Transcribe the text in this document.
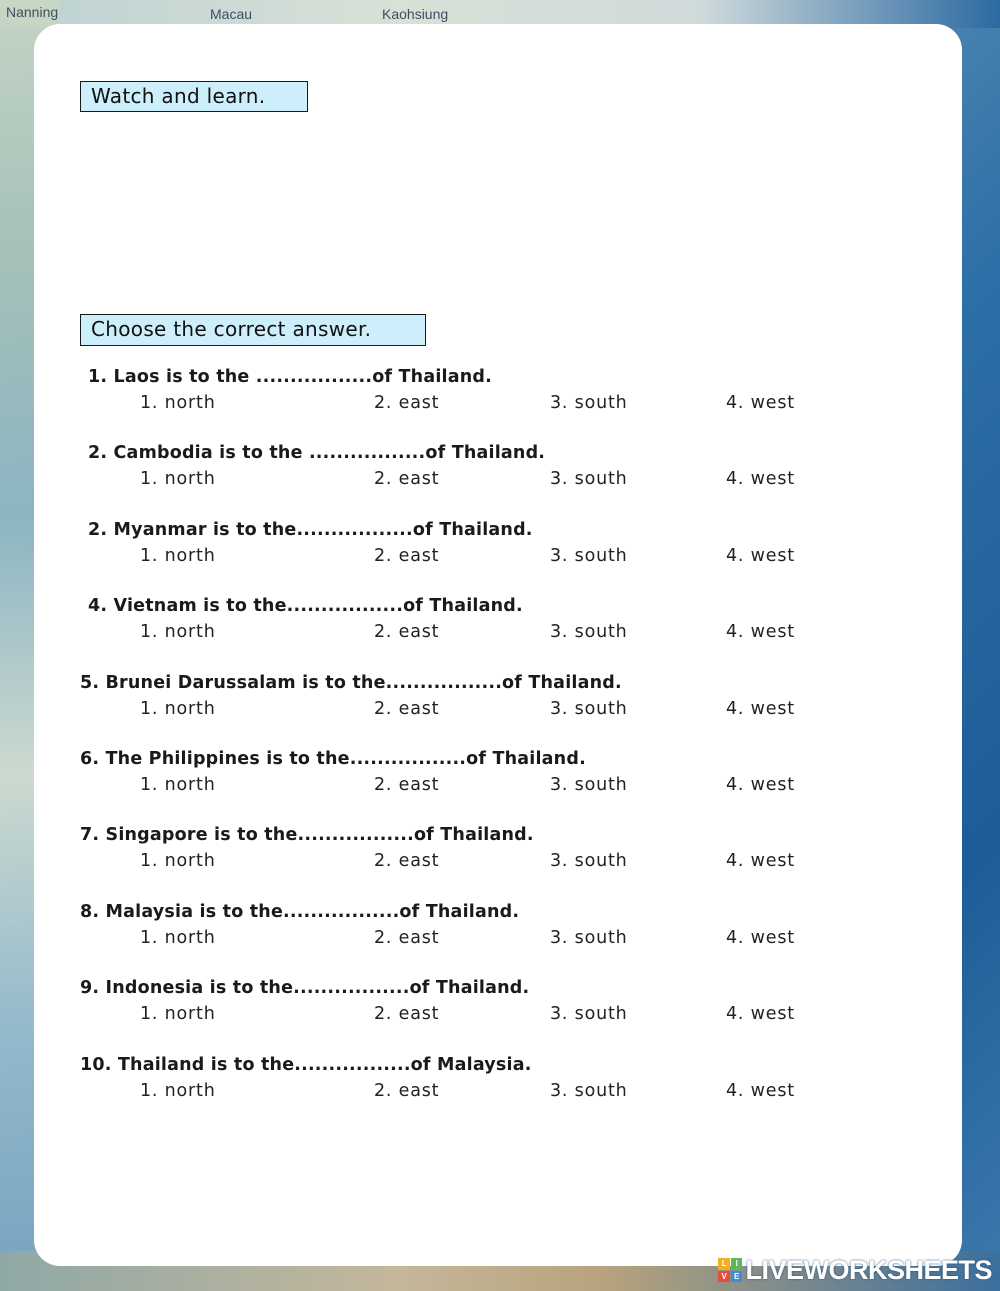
Nanning	Macau	Kaohsiung
Watch and learn.
Choose the correct answer.
1. Laos is to the .................of Thailand.
1. north	2. east	3. south	4. west
2. Cambodia is to the .................of Thailand.
1. north	2. east	3. south	4. west
2. Myanmar is to the.................of Thailand.
1. north	2. east	3. south	4. west
4. Vietnam is to the.................of Thailand.
1. north	2. east	3. south	4. west
5. Brunei Darussalam is to the.................of Thailand.
1. north	2. east	3. south	4. west
6. The Philippines is to the.................of Thailand.
1. north	2. east	3. south	4. west
7. Singapore is to the.................of Thailand.
1. north	2. east	3. south	4. west
8. Malaysia is to the.................of Thailand.
1. north	2. east	3. south	4. west
9. Indonesia is to the.................of Thailand.
1. north	2. east	3. south	4. west
10. Thailand is to the.................of Malaysia.
1. north	2. east	3. south	4. west
L	I
V E LIVEWORKSHEETS
